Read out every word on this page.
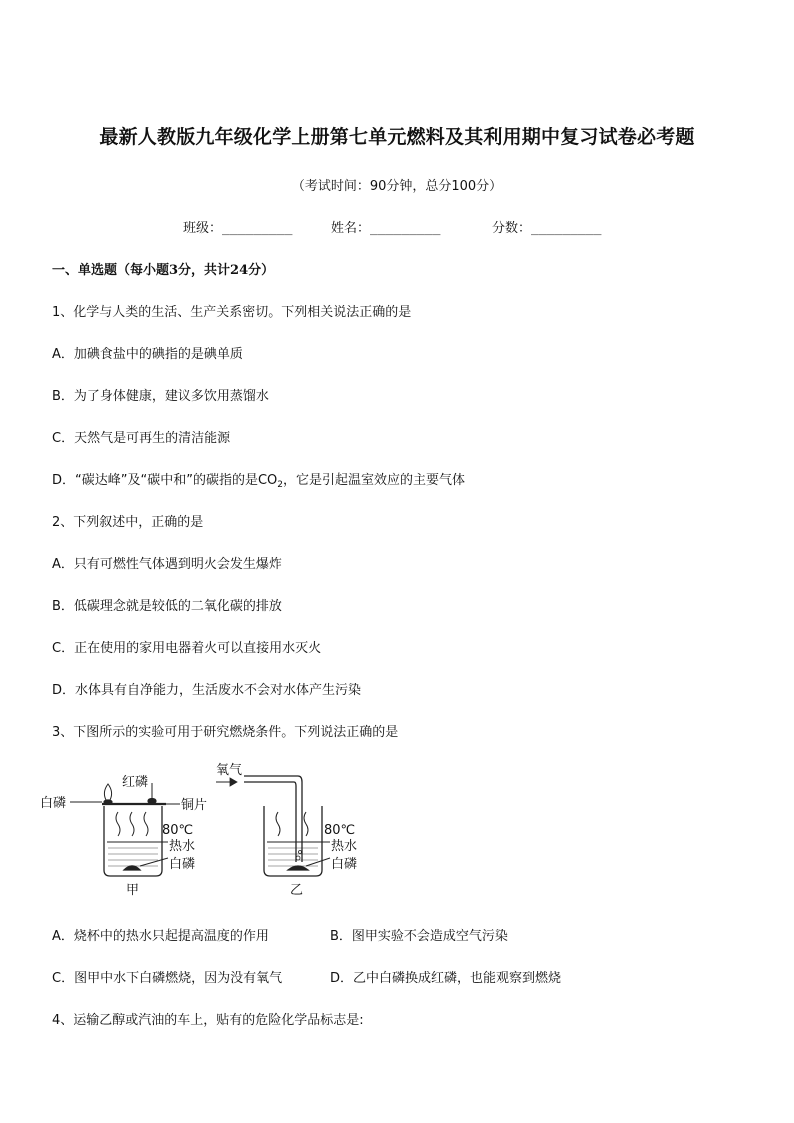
最新人教版九年级化学上册第七单元燃料及其利用期中复习试卷必考题
（考试时间：90分钟，总分100分）
班级：_________	姓名：_________	分数：_________
一、单选题（每小题3分，共计24分）
1、化学与人类的生活、生产关系密切。下列相关说法正确的是
A．加碘食盐中的碘指的是碘单质
B．为了身体健康，建议多饮用蒸馏水
C．天然气是可再生的清洁能源
D．“碳达峰”及“碳中和”的碳指的是$CO_2$，它是引起温室效应的主要气体
2、下列叙述中，正确的是
A．只有可燃性气体遇到明火会发生爆炸
B．低碳理念就是较低的二氧化碳的排放
C．正在使用的家用电器着火可以直接用水灭火
D．水体具有自净能力，生活废水不会对水体产生污染
3、下图所示的实验可用于研究燃烧条件。下列说法正确的是
红磷
白磷	铜片
80℃
热水
白磷
甲
氧气
80℃
热水
白磷
乙
A．烧杯中的热水只起提高温度的作用	B．图甲实验不会造成空气污染
C．图甲中水下白磷燃烧，因为没有氧气	D．乙中白磷换成红磷，也能观察到燃烧
4、运输乙醇或汽油的车上，贴有的危险化学品标志是:
